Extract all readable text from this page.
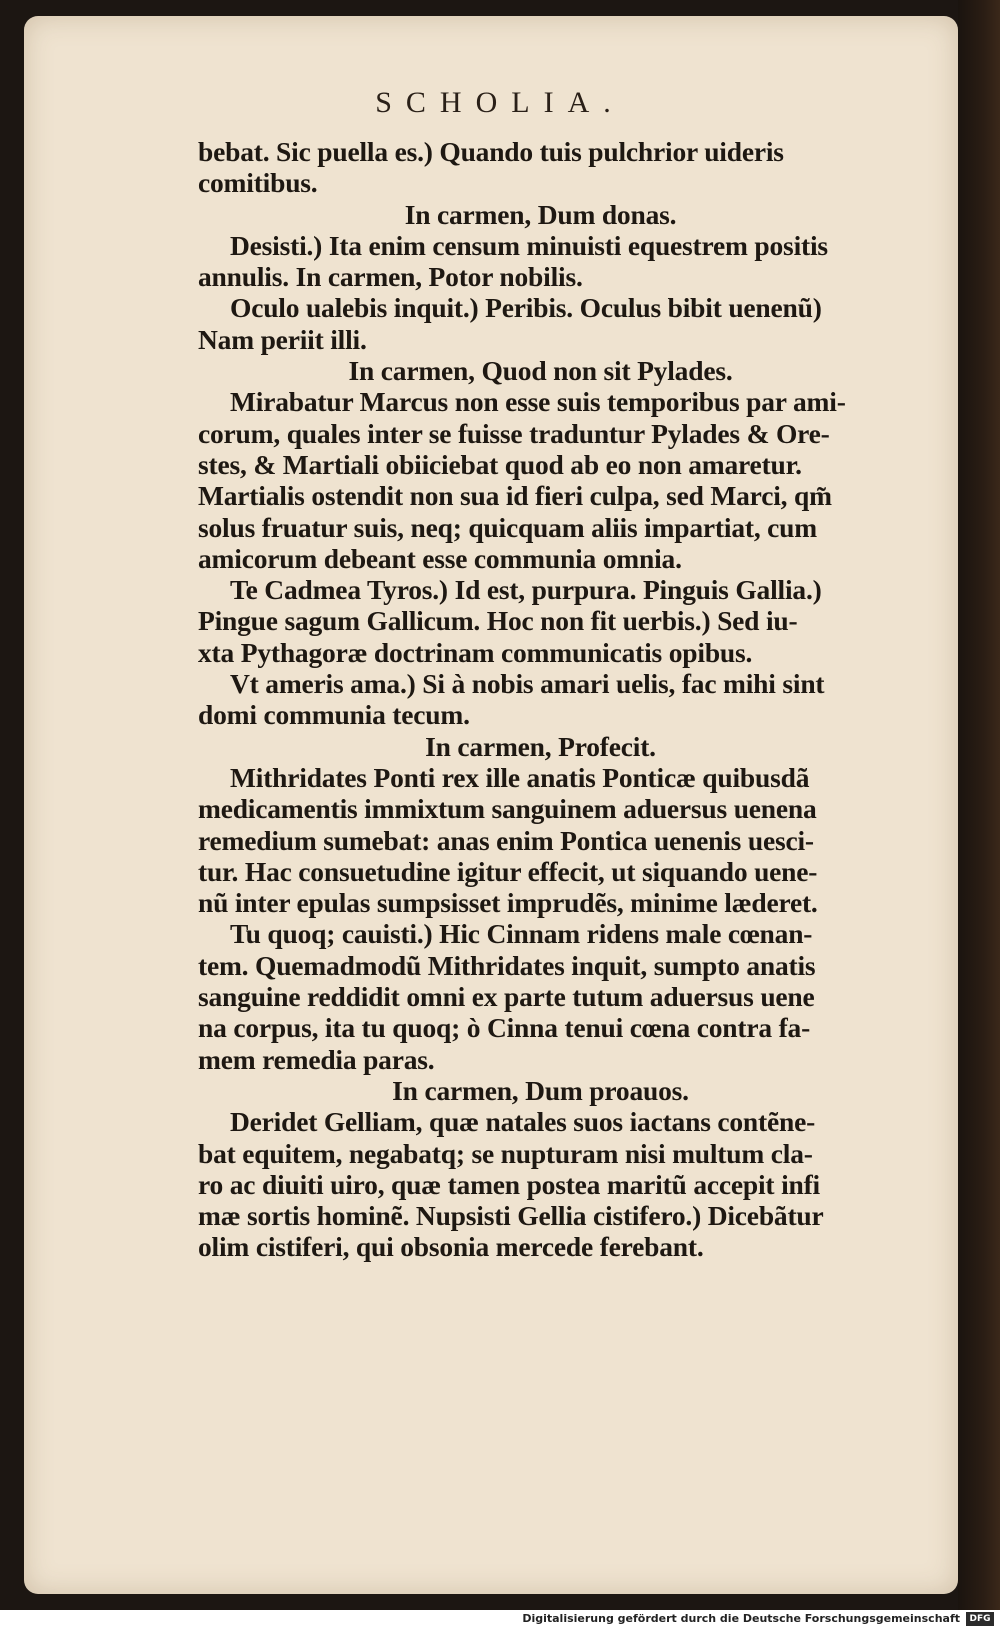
SCHOLIA.
bebat. Sic puella es.) Quando tuis pulchrior uideris
comitibus.
In carmen, Dum donas.
Desisti.) Ita enim censum minuisti equestrem positis
annulis. In carmen, Potor nobilis.
Oculo ualebis inquit.) Peribis. Oculus bibit uenenũ)
Nam periit illi.
In carmen, Quod non sit Pylades.
Mirabatur Marcus non esse suis temporibus par ami-
corum, quales inter se fuisse traduntur Pylades & Ore-
stes, & Martiali obiiciebat quod ab eo non amaretur.
Martialis ostendit non sua id fieri culpa, sed Marci, qm̃
solus fruatur suis, neq; quicquam aliis impartiat, cum
amicorum debeant esse communia omnia.
Te Cadmea Tyros.) Id est, purpura. Pinguis Gallia.)
Pingue sagum Gallicum. Hoc non fit uerbis.) Sed iu-
xta Pythagoræ doctrinam communicatis opibus.
Vt ameris ama.) Si à nobis amari uelis, fac mihi sint
domi communia tecum.
In carmen, Profecit.
Mithridates Ponti rex ille anatis Ponticæ quibusdã
medicamentis immixtum sanguinem aduersus uenena
remedium sumebat: anas enim Pontica uenenis uesci-
tur. Hac consuetudine igitur effecit, ut siquando uene-
nũ inter epulas sumpsisset imprudẽs, minime læderet.
Tu quoq; cauisti.) Hic Cinnam ridens male cœnan-
tem. Quemadmodũ Mithridates inquit, sumpto anatis
sanguine reddidit omni ex parte tutum aduersus uene
na corpus, ita tu quoq; ò Cinna tenui cœna contra fa-
mem remedia paras.
In carmen, Dum proauos.
Deridet Gelliam, quæ natales suos iactans contẽne-
bat equitem, negabatq; se nupturam nisi multum cla-
ro ac diuiti uiro, quæ tamen postea maritũ accepit infi
mæ sortis hominẽ. Nupsisti Gellia cistifero.) Dicebãtur
olim cistiferi, qui obsonia mercede ferebant.
Digitalisierung gefördert durch die Deutsche Forschungsgemeinschaft	DFG
